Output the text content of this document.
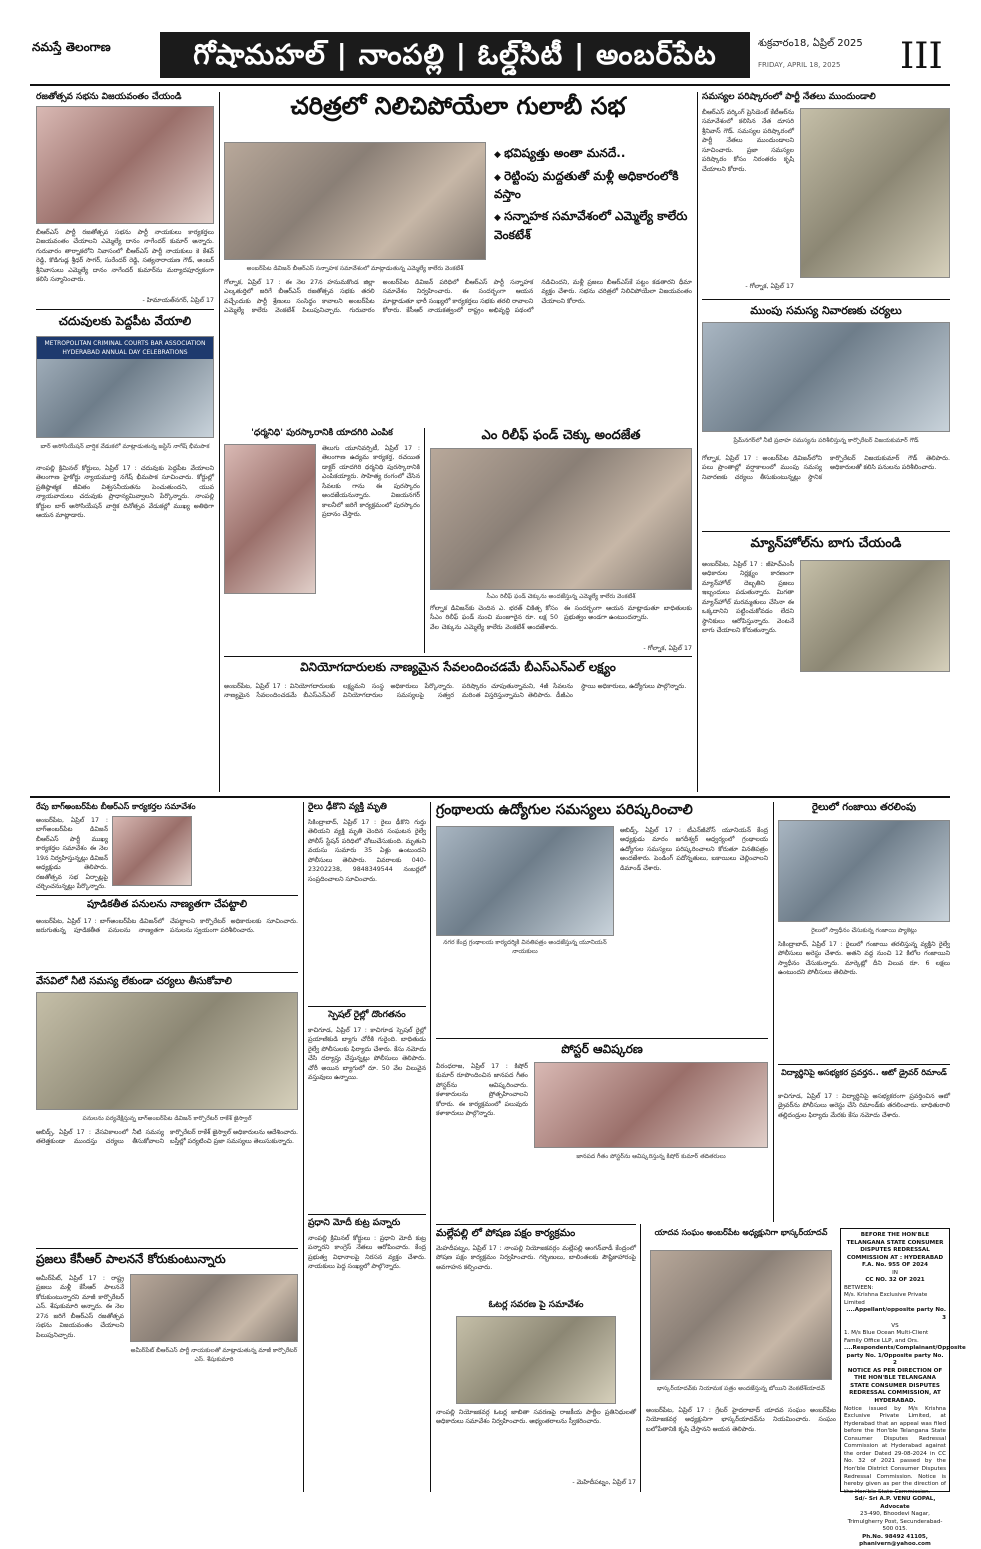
నమస్తే తెలంగాణ	గోషామహల్ | నాంపల్లి | ఓల్డ్‌సిటీ | అంబర్‌పేట	శుక్రవారం18, ఏప్రిల్ 2025
FRIDAY, APRIL 18, 2025 III
రజతోత్సవ సభను విజయవంతం చేయండి
బీఆర్‌ఎస్ పార్టీ రజతోత్సవ సభను పార్టీ నాయకులు కార్యకర్తలు విజయవంతం చేయాలని ఎమ్మెల్యే దానం నాగేందర్ కుమార్ అన్నారు. గురువారం తార్నాకలోని నివాసంలో బీఆర్‌ఎస్ పార్టీ నాయకులు కె కేశవ్ రెడ్డి, కొడిగుడ్ల శ్రీధర్ సాగర్, సురేందర్ రెడ్డి, సత్యనారాయణ గౌడ్, అంబర్ శ్రీనివాసులు ఎమ్మెల్యే దానం నాగేందర్ కుమార్‌ను మర్యాదపూర్వకంగా కలిసి సన్మానించారు.
- హిమాయత్‌నగర్, ఏప్రిల్ 17
చదువులకు పెద్దపీట వేయాలి
METROPOLITAN CRIMINAL COURTS BAR ASSOCIATION HYDERABAD ANNUAL DAY CELEBRATIONS
బార్ అసోసియేషన్ వార్షిక వేడుకలో మాట్లాడుతున్న జస్టిస్ నాగేష్ భీమపాక
నాంపల్లి క్రిమినల్ కోర్టులు, ఏప్రిల్ 17 : చదువుకు పెద్దపీట వేయాలని తెలంగాణ హైకోర్టు న్యాయమూర్తి నగేష్ భీమపాక సూచించారు. కోర్టుల్లో ప్రతిష్ఠాత్మక జీవితం విశ్వసనీయతను పెంచుతుందని, యువ న్యాయవాదులు చదువుకు ప్రాధాన్యమివ్వాలని పేర్కొన్నారు. నాంపల్లి కోర్టుల బార్ అసోసియేషన్ వార్షిక దినోత్సవ వేడుకల్లో ముఖ్య అతిథిగా ఆయన మాట్లాడారు.
చరిత్రలో నిలిచిపోయేలా గులాబీ సభ
◆ భవిష్యత్తు అంతా మనదే..
◆ రెట్టింపు మద్దతుతో మళ్లీ అధికారంలోకి వస్తాం
◆ సన్నాహక సమావేశంలో ఎమ్మెల్యే కాలేరు వెంకటేశ్
అంబర్‌పేట డివిజన్ బీఆర్‌ఎస్ సన్నాహక సమావేశంలో మాట్లాడుతున్న ఎమ్మెల్యే కాలేరు వెంకటేశ్
గోల్నాక, ఏప్రిల్ 17 : ఈ నెల 27న హనుమకొండ జిల్లా ఎల్కతుర్తిలో జరిగే బీఆర్‌ఎస్ రజతోత్సవ సభకు తరలి వచ్చేందుకు పార్టీ శ్రేణులు సంసిద్ధం కావాలని అంబర్‌పేట ఎమ్మెల్యే కాలేరు వెంకటేశ్ పిలుపునిచ్చారు. గురువారం అంబర్‌పేట డివిజన్ పరిధిలో బీఆర్‌ఎస్ పార్టీ సన్నాహక సమావేశం నిర్వహించారు. ఈ సందర్భంగా ఆయన మాట్లాడుతూ భారీ సంఖ్యలో కార్యకర్తలు సభకు తరలి రావాలని కోరారు. కేసీఆర్ నాయకత్వంలో రాష్ట్రం అభివృద్ధి పథంలో నడిచిందని, మళ్లీ ప్రజలు బీఆర్‌ఎస్‌కే పట్టం కడతారని ధీమా వ్యక్తం చేశారు. సభను చరిత్రలో నిలిచిపోయేలా విజయవంతం చేయాలని కోరారు.
సమస్యల పరిష్కారంలో పార్టీ నేతలు ముందుండాలి
బీఆర్‌ఎస్ వర్కింగ్ ప్రెసిడెంట్ కేటీఆర్‌ను సమావేశంలో కలిసిన నేత దూసరి శ్రీనివాస్ గౌడ్. సమస్యల పరిష్కారంలో పార్టీ నేతలు ముందుండాలని సూచించారు. ప్రజా సమస్యల పరిష్కారం కోసం నిరంతరం కృషి చేయాలని కోరారు.
- గోల్నాక, ఏప్రిల్ 17
ముంపు సమస్య నివారణకు చర్యలు
ప్రేమ్‌నగర్‌లో నీటి ప్రవాహ సమస్యను పరిశీలిస్తున్న కార్పొరేటర్ విజయకుమార్ గౌడ్
గోల్నాక, ఏప్రిల్ 17 : అంబర్‌పేట డివిజన్‌లోని పలు ప్రాంతాల్లో వర్షాకాలంలో ముంపు సమస్య నివారణకు చర్యలు తీసుకుంటున్నట్లు స్థానిక కార్పొరేటర్ విజయకుమార్ గౌడ్ తెలిపారు. అధికారులతో కలిసి పనులను పరిశీలించారు.
మ్యాన్‌హోల్‌ను బాగు చేయండి
అంబర్‌పేట, ఏప్రిల్ 17 : జీహెచ్‌ఎంసీ అధికారుల నిర్లక్ష్యం కారణంగా మ్యాన్‌హోల్ దెబ్బతిని ప్రజలు ఇబ్బందులు పడుతున్నారు. మిగతా మ్యాన్‌హోల్ మరమ్మతులు చేసినా ఈ ఒక్కదానిని పట్టించుకోవడం లేదని స్థానికులు ఆరోపిస్తున్నారు. వెంటనే బాగు చేయాలని కోరుతున్నారు.
'ధర్మనిధి' పురస్కారానికి యాదగిరి ఎంపిక
తెలుగు యూనివర్సిటీ, ఏప్రిల్ 17 : తెలంగాణ ఉద్యమ కార్యకర్త, రచయిత డాక్టర్ యాదగిరి ధర్మనిధి పురస్కారానికి ఎంపికయ్యారు. సాహిత్య రంగంలో చేసిన సేవలకు గాను ఈ పురస్కారం అందజేయనున్నారు. విజయనగర్ కాలనీలో జరిగే కార్యక్రమంలో పురస్కారం ప్రదానం చేస్తారు.
ఎం రిలీఫ్ ఫండ్ చెక్కు అందజేత
సీఎం రిలీఫ్ ఫండ్ చెక్కును అందజేస్తున్న ఎమ్మెల్యే కాలేరు వెంకటేశ్
గోల్నాక డివిజన్‌కు చెందిన ఎ. భరత్ చికిత్స కోసం సీఎం రిలీఫ్ ఫండ్ నుంచి మంజూరైన రూ. లక్ష 50 వేల చెక్కును ఎమ్మెల్యే కాలేరు వెంకటేశ్ అందజేశారు. ఈ సందర్భంగా ఆయన మాట్లాడుతూ బాధితులకు ప్రభుత్వం అండగా ఉంటుందన్నారు.
- గోల్నాక, ఏప్రిల్ 17
వినియోగదారులకు నాణ్యమైన సేవలందించడమే బీఎస్‌ఎన్‌ఎల్ లక్ష్యం
అంబర్‌పేట, ఏప్రిల్ 17 : వినియోగదారులకు నాణ్యమైన సేవలందించడమే బీఎస్‌ఎన్‌ఎల్ లక్ష్యమని సంస్థ అధికారులు పేర్కొన్నారు. వినియోగదారుల సమస్యలపై సత్వర పరిష్కారం చూపుతున్నామని, 4జీ సేవలను మరింత విస్తరిస్తున్నామని తెలిపారు. డీజీఎం స్థాయి అధికారులు, ఉద్యోగులు పాల్గొన్నారు.
రేపు బాగ్‌అంబర్‌పేట బీఆర్‌ఎస్ కార్యకర్తల సమావేశం
అంబర్‌పేట, ఏప్రిల్ 17 : బాగ్‌అంబర్‌పేట డివిజన్ బీఆర్‌ఎస్ పార్టీ ముఖ్య కార్యకర్తల సమావేశం ఈ నెల 19న నిర్వహిస్తున్నట్లు డివిజన్ అధ్యక్షుడు తెలిపారు. రజతోత్సవ సభ ఏర్పాట్లపై చర్చించనున్నట్లు పేర్కొన్నారు.
పూడికతీత పనులను నాణ్యతగా చేపట్టాలి
అంబర్‌పేట, ఏప్రిల్ 17 : బాగ్‌అంబర్‌పేట డివిజన్‌లో జరుగుతున్న పూడికతీత పనులను నాణ్యతగా చేపట్టాలని కార్పొరేటర్ అధికారులకు సూచించారు. పనులను స్వయంగా పరిశీలించారు.
వేసవిలో నీటి సమస్య లేకుండా చర్యలు తీసుకోవాలి
పనులను పర్యవేక్షిస్తున్న బాగ్‌అంబర్‌పేట డివిజన్ కార్పొరేటర్ రాకేశ్ జైస్వాల్
అబిడ్స్, ఏప్రిల్ 17 : వేసవికాలంలో నీటి సమస్య తలెత్తకుండా ముందస్తు చర్యలు తీసుకోవాలని కార్పొరేటర్ రాకేశ్ జైస్వాల్ అధికారులను ఆదేశించారు. బస్తీల్లో పర్యటించి ప్రజా సమస్యలు తెలుసుకున్నారు.
ప్రజలు కేసీఆర్ పాలననే కోరుకుంటున్నారు
అమీర్‌పేట్ బీఆర్‌ఎస్ పార్టీ నాయకులతో మాట్లాడుతున్న మాజీ కార్పొరేటర్ ఎస్. శేషుకుమారి
అమీర్‌పేట్, ఏప్రిల్ 17 : రాష్ట్ర ప్రజలు మళ్లీ కేసీఆర్ పాలననే కోరుకుంటున్నారని మాజీ కార్పొరేటర్ ఎస్. శేషుకుమారి అన్నారు. ఈ నెల 27న జరిగే బీఆర్‌ఎస్ రజతోత్సవ సభను విజయవంతం చేయాలని పిలుపునిచ్చారు.
రైలు ఢీకొని వ్యక్తి మృతి
సికింద్రాబాద్, ఏప్రిల్ 17 : రైలు ఢీకొని గుర్తు తెలియని వ్యక్తి మృతి చెందిన సంఘటన రైల్వే పోలీస్ స్టేషన్ పరిధిలో చోటుచేసుకుంది. మృతుని వయసు సుమారు 35 ఏళ్లు ఉంటుందని పోలీసులు తెలిపారు. వివరాలకు 040-23202238, 9848349544 నంబర్లలో సంప్రదించాలని సూచించారు.
స్పెషల్ రైల్లో దొంగతనం
కాచిగూడ, ఏప్రిల్ 17 : కాచిగూడ స్పెషల్ రైల్లో ప్రయాణికుడి బ్యాగు చోరీకి గురైంది. బాధితుడు రైల్వే పోలీసులకు ఫిర్యాదు చేశారు. కేసు నమోదు చేసి దర్యాప్తు చేస్తున్నట్లు పోలీసులు తెలిపారు. చోరీ అయిన బ్యాగులో రూ. 50 వేల విలువైన వస్తువులు ఉన్నాయి.
ప్రధాని మోదీ కుట్ర పన్నారు
నాంపల్లి క్రిమినల్ కోర్టులు : ప్రధాని మోదీ కుట్ర పన్నారని కాంగ్రెస్ నేతలు ఆరోపించారు. కేంద్ర ప్రభుత్వ విధానాలపై నిరసన వ్యక్తం చేశారు. నాయకులు పెద్ద సంఖ్యలో పాల్గొన్నారు.
గ్రంథాలయ ఉద్యోగుల సమస్యలు పరిష్కరించాలి
నగర కేంద్ర గ్రంథాలయ కార్యదర్శికి వినతిపత్రం అందజేస్తున్న యూనియన్ నాయకులు
అబిడ్స్, ఏప్రిల్ 17 : టీఎన్‌జీవోస్ యూనియన్ కేంద్ర అధ్యక్షుడు మారం జగదీశ్వర్ ఆధ్వర్యంలో గ్రంథాలయ ఉద్యోగుల సమస్యలు పరిష్కరించాలని కోరుతూ వినతిపత్రం అందజేశారు. పెండింగ్ పదోన్నతులు, బకాయిలు చెల్లించాలని డిమాండ్ చేశారు.
పోస్టర్ ఆవిష్కరణ
వీరంధరాజ, ఏప్రిల్ 17 : కిషోర్ కుమార్ రూపొందించిన జానపద గీతం పోస్టర్‌ను ఆవిష్కరించారు. కళాకారులను ప్రోత్సహించాలని కోరారు. ఈ కార్యక్రమంలో పలువురు కళాకారులు పాల్గొన్నారు.
జానపద గీతం పోస్టర్‌ను ఆవిష్కరిస్తున్న కిషోర్ కుమార్ తదితరులు
మల్లేపల్లి లో పోషణ పక్షం కార్యక్రమం
మెహదీపట్నం, ఏప్రిల్ 17 : నాంపల్లి నియోజకవర్గం మల్లేపల్లి అంగన్‌వాడీ కేంద్రంలో పోషణ పక్షం కార్యక్రమం నిర్వహించారు. గర్భిణులు, బాలింతలకు పౌష్టికాహారంపై అవగాహన కల్పించారు.
ఓటర్ల సవరణ పై సమావేశం
నాంపల్లి నియోజకవర్గ ఓటర్ల జాబితా సవరణపై రాజకీయ పార్టీల ప్రతినిధులతో అధికారులు సమావేశం నిర్వహించారు. అభ్యంతరాలను స్వీకరించారు.
- మెహిదీపట్నం, ఏప్రిల్ 17
యాదవ సంఘం అంబర్‌పేట అధ్యక్షునిగా భాస్కర్‌యాదవ్
భాస్కర్‌యాదవ్‌కు నియామక పత్రం అందజేస్తున్న బోయిని వెంకటేశ్‌యాదవ్
అంబర్‌పేట, ఏప్రిల్ 17 : గ్రేటర్ హైదరాబాద్ యాదవ సంఘం అంబర్‌పేట నియోజకవర్గ అధ్యక్షునిగా భాస్కర్‌యాదవ్‌ను నియమించారు. సంఘం బలోపేతానికి కృషి చేస్తానని ఆయన తెలిపారు.
రైలులో గంజాయి తరలింపు
రైలులో స్వాధీనం చేసుకున్న గంజాయి ప్యాకెట్లు
సికింద్రాబాద్, ఏప్రిల్ 17 : రైలులో గంజాయి తరలిస్తున్న వ్యక్తిని రైల్వే పోలీసులు అరెస్టు చేశారు. అతని వద్ద నుంచి 12 కిలోల గంజాయిని స్వాధీనం చేసుకున్నారు. మార్కెట్లో దీని విలువ రూ. 6 లక్షలు ఉంటుందని పోలీసులు తెలిపారు.
విద్యార్థినిపై అసభ్యకర ప్రవర్తన.. ఆటో డ్రైవర్ రిమాండ్
కాచిగూడ, ఏప్రిల్ 17 : విద్యార్థినిపై అసభ్యకరంగా ప్రవర్తించిన ఆటో డ్రైవర్‌ను పోలీసులు అరెస్టు చేసి రిమాండ్‌కు తరలించారు. బాధితురాలి తల్లిదండ్రుల ఫిర్యాదు మేరకు కేసు నమోదు చేశారు.
BEFORE THE HON'BLE TELANGANA STATE CONSUMER DISPUTES REDRESSAL COMMISSION AT : HYDERABAD
F.A. No. 955 OF 2024
IN
CC NO. 32 OF 2021
BETWEEN:
M/s. Krishna Exclusive Private Limited
....Appellant/opposite party No. 3
VS
1. M/s Blue Ocean Multi-Client Family Office LLP, and Ors.
....Respondents/Complainant/Opposite party No. 1/Opposite party No. 2
NOTICE AS PER DIRECTION OF THE HON'BLE TELANGANA STATE CONSUMER DISPUTES REDRESSAL COMMISSION, AT HYDERABAD.
Notice issued by M/s Krishna Exclusive Private Limited, at Hyderabad that an appeal was filed before the Hon'ble Telangana State Consumer Disputes Redressal Commission at Hyderabad against the order Dated 29-08-2024 in CC No. 32 of 2021 passed by the Hon'ble District Consumer Disputes Redressal Commission. Notice is hereby given as per the direction of the Hon'ble State Commission.
Sd/- Sri A.P. VENU GOPAL, Advocate
23-490, Bhoodevi Nagar, Trimulgherry Post, Secunderabad-500 015.
Ph.No. 98492 41105, phanivern@yahoo.com
